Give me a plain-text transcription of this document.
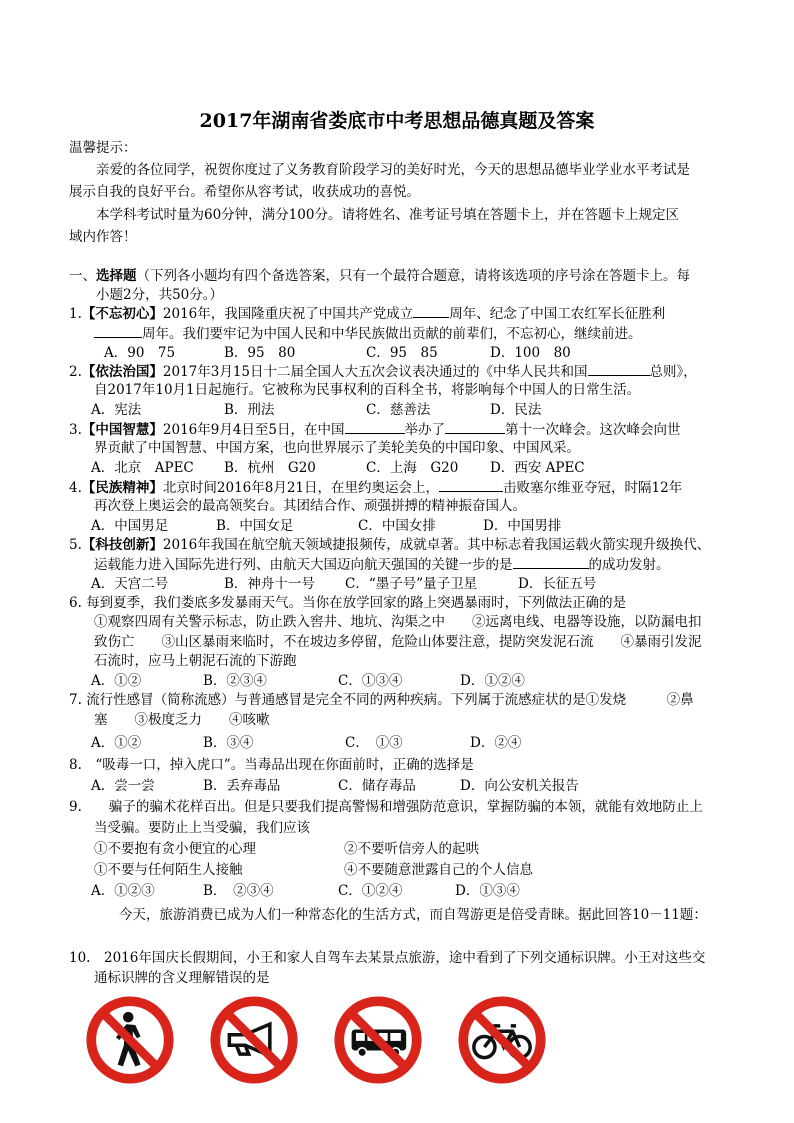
2017年湖南省娄底市中考思想品德真题及答案
温馨提示：
亲爱的各位同学，祝贺你度过了义务教育阶段学习的美好时光，今天的思想品德毕业学业水平考试是
展示自我的良好平台。希望你从容考试，收获成功的喜悦。
本学科考试时量为60分钟，满分100分。请将姓名、准考证号填在答题卡上，并在答题卡上规定区
域内作答！
一、选择题（下列各小题均有四个备选答案，只有一个最符合题意，请将该选项的序号涂在答题卡上。每
小题2分，共50分。）
1.【不忘初心】2016年，我国隆重庆祝了中国共产党成立	周年、纪念了中国工农红军长征胜利
周年。我们要牢记为中国人民和中华民族做出贡献的前辈们，不忘初心，继续前进。
A．90　75	B．95　80	C．95　85	D．100　80
2.【依法治国】2017年3月15日十二届全国人大五次会议表决通过的《中华人民共和国	总则》，
自2017年10月1日起施行。它被称为民事权利的百科全书，将影响每个中国人的日常生活。
A．宪法	B．刑法	C．慈善法	D．民法
3.【中国智慧】2016年9月4日至5日，在中国	举办了	第十一次峰会。这次峰会向世
界贡献了中国智慧、中国方案，也向世界展示了美轮美奂的中国印象、中国风采。
A．北京　APEC B．杭州　G20	C．上海　G20 D．西安 APEC
4.【民族精神】北京时间2016年8月21日，在里约奥运会上，	击败塞尔维亚夺冠，时隔12年
再次登上奥运会的最高领奖台。其团结合作、顽强拼搏的精神振奋国人。
A．中国男足	B．中国女足	C．中国女排	D．中国男排
5.【科技创新】2016年我国在航空航天领域捷报频传，成就卓著。其中标志着我国运载火箭实现升级换代、
运载能力进入国际先进行列、由航天大国迈向航天强国的关键一步的是	的成功发射。
A．天宫二号	B．神舟十一号 C．“墨子号”量子卫星	D．长征五号
6. 每到夏季，我们娄底多发暴雨天气。当你在放学回家的路上突遇暴雨时，下列做法正确的是
①观察四周有关警示标志，防止跌入窖井、地坑、沟渠之中　　②远离电线、电器等设施，以防漏电扣
致伤亡　　③山区暴雨来临时，不在坡边多停留，危险山体要注意，提防突发泥石流　　④暴雨引发泥
石流时，应马上朝泥石流的下游跑
A．①②	B．②③④	C．①③④	D．①②④
7. 流行性感冒（简称流感）与普通感冒是完全不同的两种疾病。下列属于流感症状的是①发烧　　　②鼻
塞　　③极度乏力　　④咳嗽
A．①②	B．③④	C．　①③	D．②④
8.　 “吸毒一口，掉入虎口”。当毒品出现在你面前时，正确的选择是
A．尝一尝	B．丢弃毒品	C．储存毒品	D．向公安机关报告
9.　　 骗子的骗术花样百出。但是只要我们提高警惕和增强防范意识，掌握防骗的本领，就能有效地防止上
当受骗。要防止上当受骗，我们应该
①不要抱有贪小便宜的心理	②不要听信旁人的起哄
①不要与任何陌生人接触	④不要随意泄露自己的个人信息
A．①②③	B．　②③④	C．①②④	D．①③④
今天，旅游消费已成为人们一种常态化的生活方式，而自驾游更是倍受青睐。据此回答10－11题：
10.　 2016年国庆长假期间，小王和家人自驾车去某景点旅游，途中看到了下列交通标识牌。小王对这些交
通标识牌的含义理解错误的是
